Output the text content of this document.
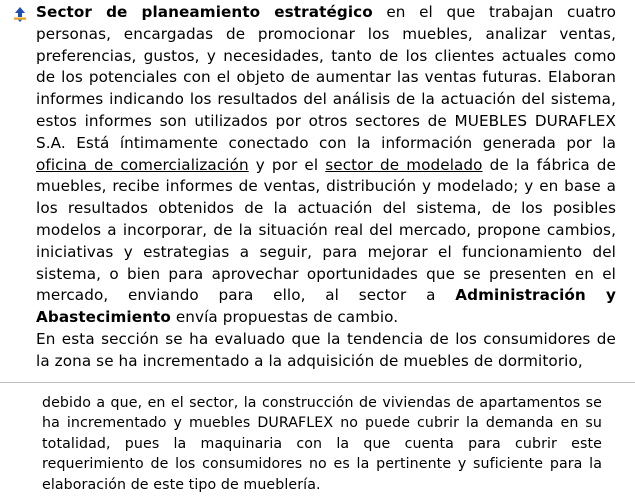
Sector de planeamiento estratégico en el que trabajan cuatro personas, encargadas de promocionar los muebles, analizar ventas, preferencias, gustos, y necesidades, tanto de los clientes actuales como de los potenciales con el objeto de aumentar las ventas futuras. Elaboran informes indicando los resultados del análisis de la actuación del sistema, estos informes son utilizados por otros sectores de MUEBLES DURAFLEX S.A. Está íntimamente conectado con la información generada por la oficina de comercialización y por el sector de modelado de la fábrica de muebles, recibe informes de ventas, distribución y modelado; y en base a los resultados obtenidos de la actuación del sistema, de los posibles modelos a incorporar, de la situación real del mercado, propone cambios, iniciativas y estrategias a seguir, para mejorar el funcionamiento del sistema, o bien para aprovechar oportunidades que se presenten en el mercado, enviando para ello, al sector a Administración y Abastecimiento envía propuestas de cambio.
En esta sección se ha evaluado que la tendencia de los consumidores de la zona se ha incrementado a la adquisición de muebles de dormitorio,
debido a que, en el sector, la construcción de viviendas de apartamentos se ha incrementado y muebles DURAFLEX no puede cubrir la demanda en su totalidad, pues la maquinaria con la que cuenta para cubrir este requerimiento de los consumidores no es la pertinente y suficiente para la elaboración de este tipo de mueblería.
